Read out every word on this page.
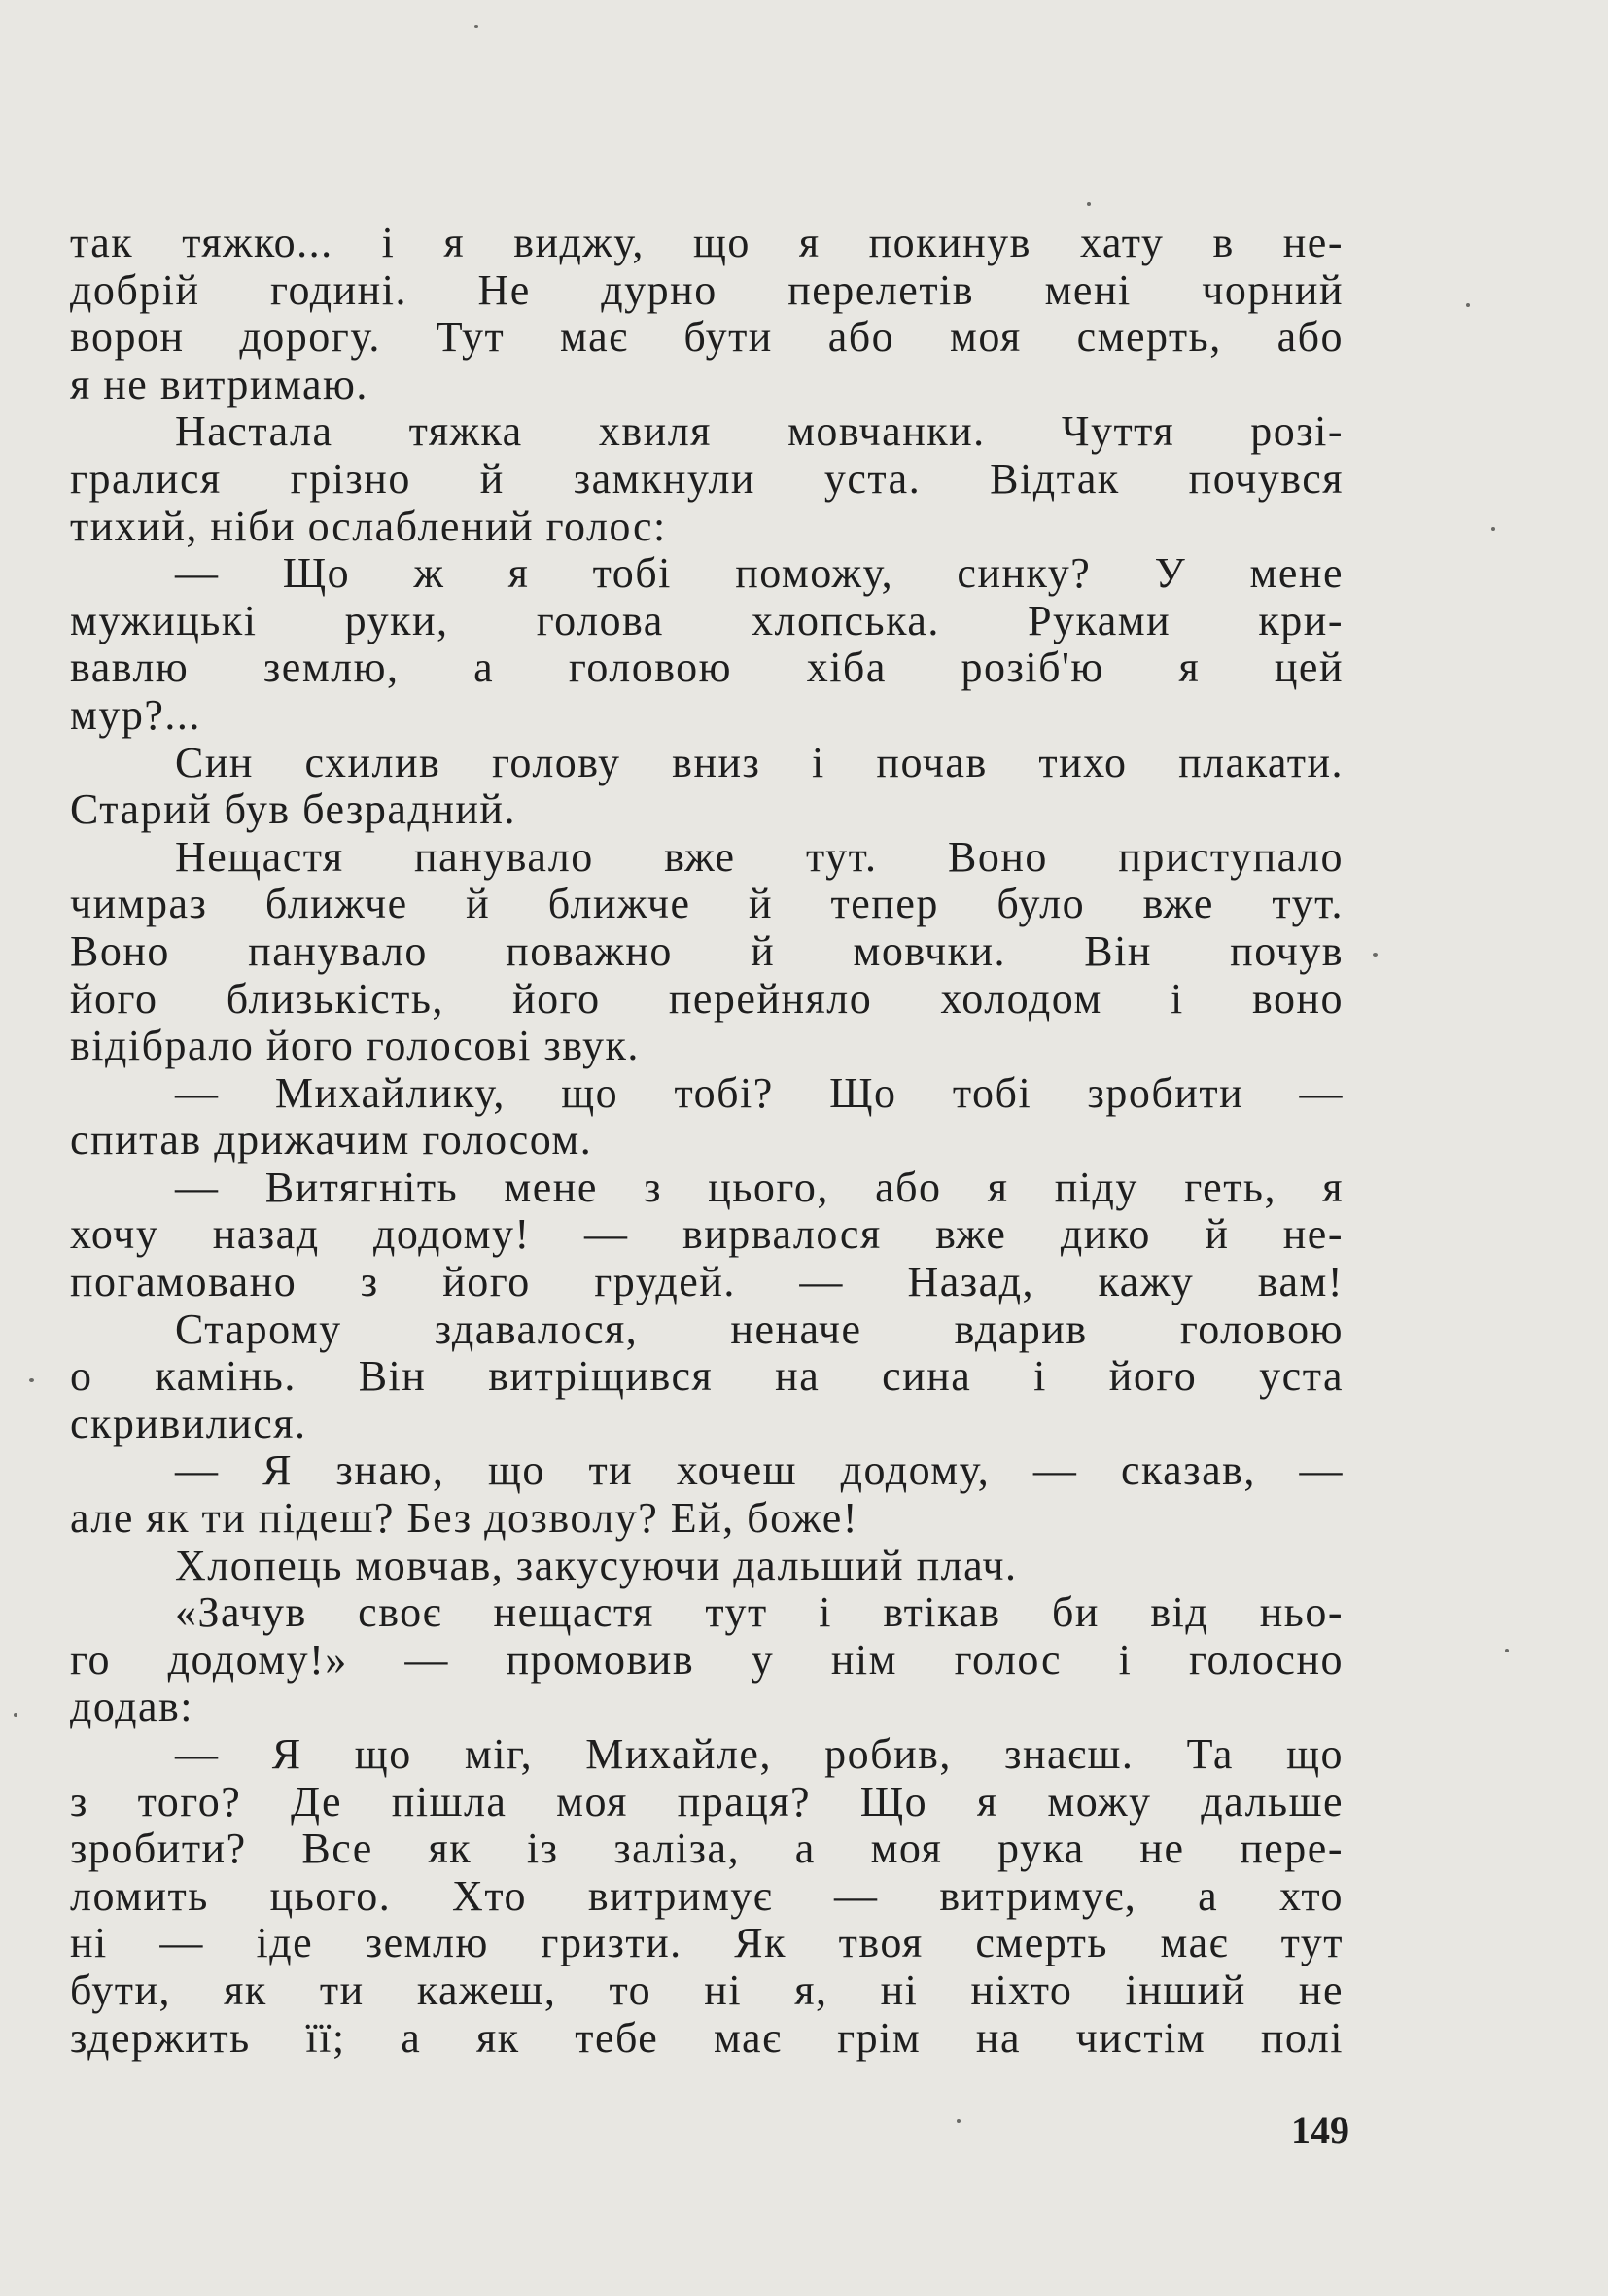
так тяжко... і я виджу, що я покинув хату в не-
добрій годині. Не дурно перелетів мені чорний
ворон дорогу. Тут має бути або моя смерть, або
я не витримаю.
Настала тяжка хвиля мовчанки. Чуття розі-
гралися грізно й замкнули уста. Відтак почувся
тихий, ніби ослаблений голос:
— Що ж я тобі поможу, синку? У мене
мужицькі руки, голова хлопська. Руками кри-
вавлю землю, а головою хіба розіб'ю я цей
мур?...
Син схилив голову вниз і почав тихо плакати.
Старий був безрадний.
Нещастя панувало вже тут. Воно приступало
чимраз ближче й ближче й тепер було вже тут.
Воно панувало поважно й мовчки. Він почув
його близькість, його перейняло холодом і воно
відібрало його голосові звук.
— Михайлику, що тобі? Що тобі зробити —
спитав дрижачим голосом.
— Витягніть мене з цього, або я піду геть, я
хочу назад додому! — вирвалося вже дико й не-
погамовано з його грудей. — Назад, кажу вам!
Старому здавалося, неначе вдарив головою
о камінь. Він витріщився на сина і його уста
скривилися.
— Я знаю, що ти хочеш додому, — сказав, —
але як ти підеш? Без дозволу? Ей, боже!
Хлопець мовчав, закусуючи дальший плач.
«Зачув своє нещастя тут і втікав би від ньо-
го додому!» — промовив у нім голос і голосно
додав:
— Я що міг, Михайле, робив, знаєш. Та що
з того? Де пішла моя праця? Що я можу дальше
зробити? Все як із заліза, а моя рука не пере-
ломить цього. Хто витримує — витримує, а хто
ні — іде землю гризти. Як твоя смерть має тут
бути, як ти кажеш, то ні я, ні ніхто інший не
здержить її; а як тебе має грім на чистім полі
149
